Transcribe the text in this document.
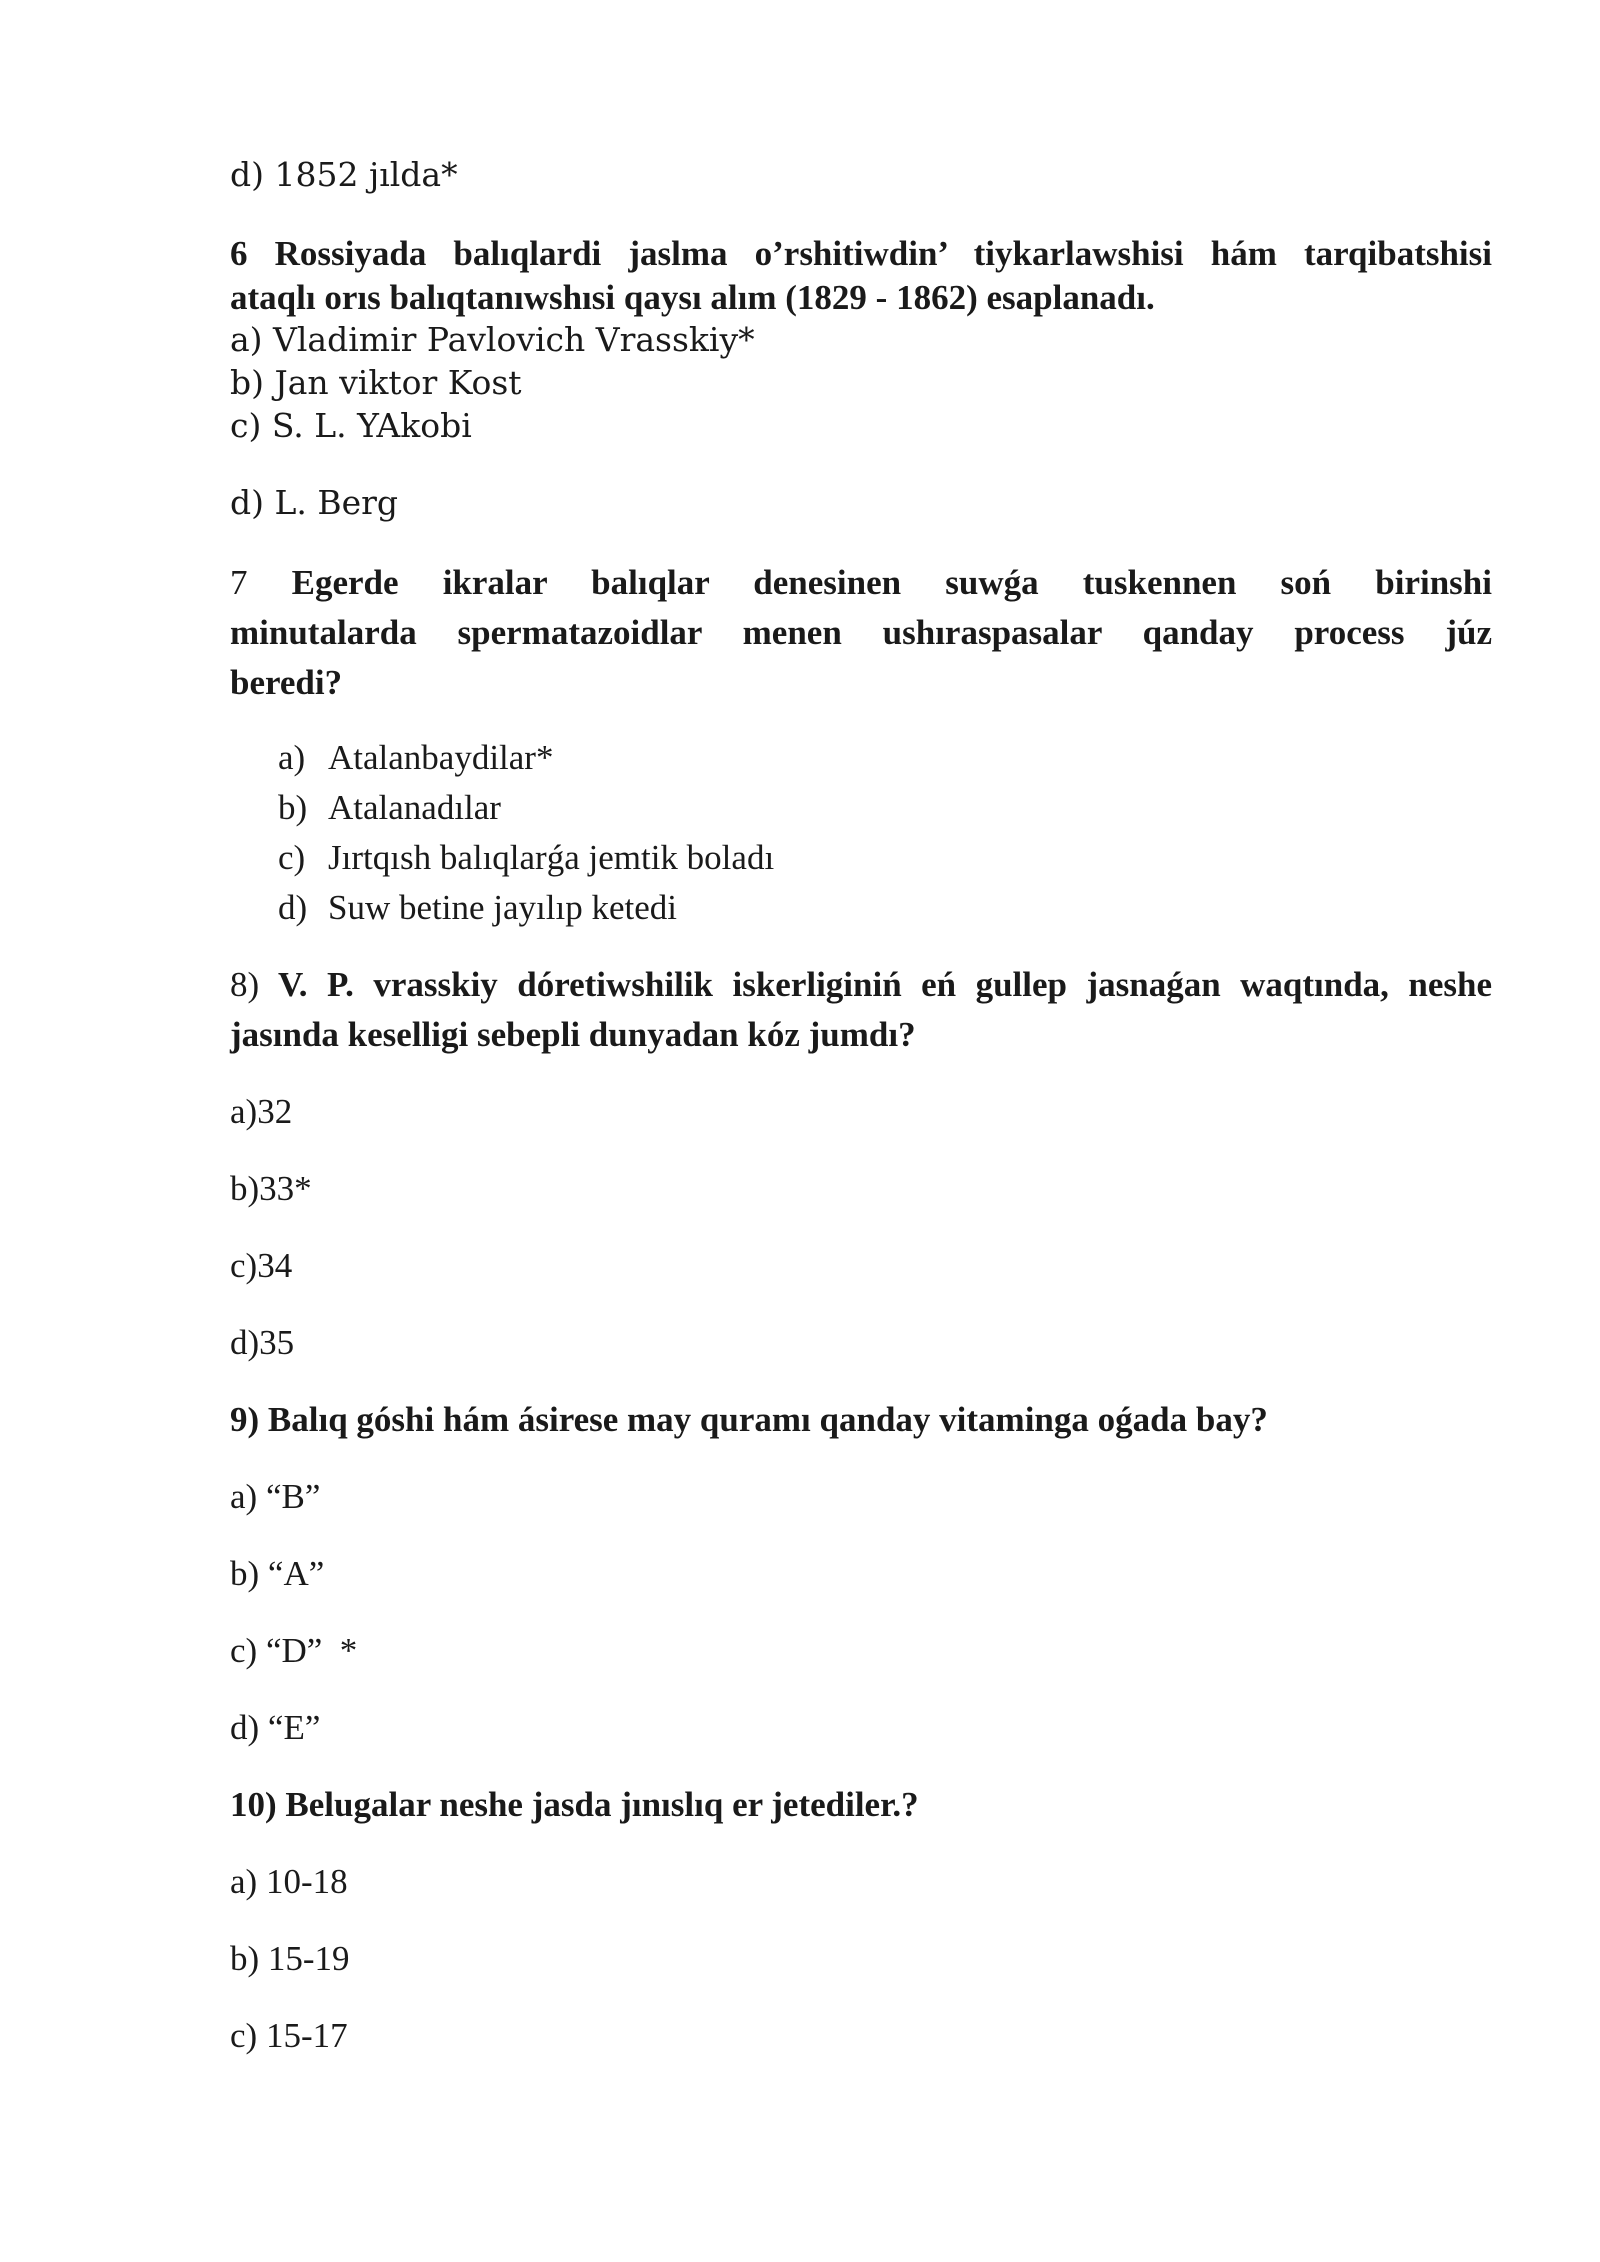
d) 1852 jılda*

6 Rossiyada balıqlardi jaslma o’rshitiwdin’ tiykarlawshisi hám tarqibatshisi
ataqlı orıs balıqtanıwshısi qaysı alım (1829 - 1862) esaplanadı.

a) Vladimir Pavlovich Vrasskiy*

b) Jan viktor Kost

c) S. L. YAkobi

d) L. Berg

7 Egerde ikralar balıqlar denesinen suwǵa tuskennen soń birinshi
minutalarda spermatazoidlar menen ushıraspasalar qanday process júz
beredi?
a) Atalanbaydilar*
b) Atalanadılar
c) Jırtqısh balıqlarǵa jemtik boladı
d) Suw betine jayılıp ketedi
8) V. P. vrasskiy dóretiwshilik iskerliginiń eń gullep jasnaǵan waqtında, neshe
jasında keselligi sebepli dunyadan kóz jumdı?

a)32

b)33*

c)34

d)35

9) Balıq góshi hám ásirese may quramı qanday vitaminga oǵada bay?

a) “B”

b) “A”

c) “D”  *

d) “E”

10) Belugalar neshe jasda jınıslıq er jetediler.?

a) 10-18

b) 15-19

c) 15-17
